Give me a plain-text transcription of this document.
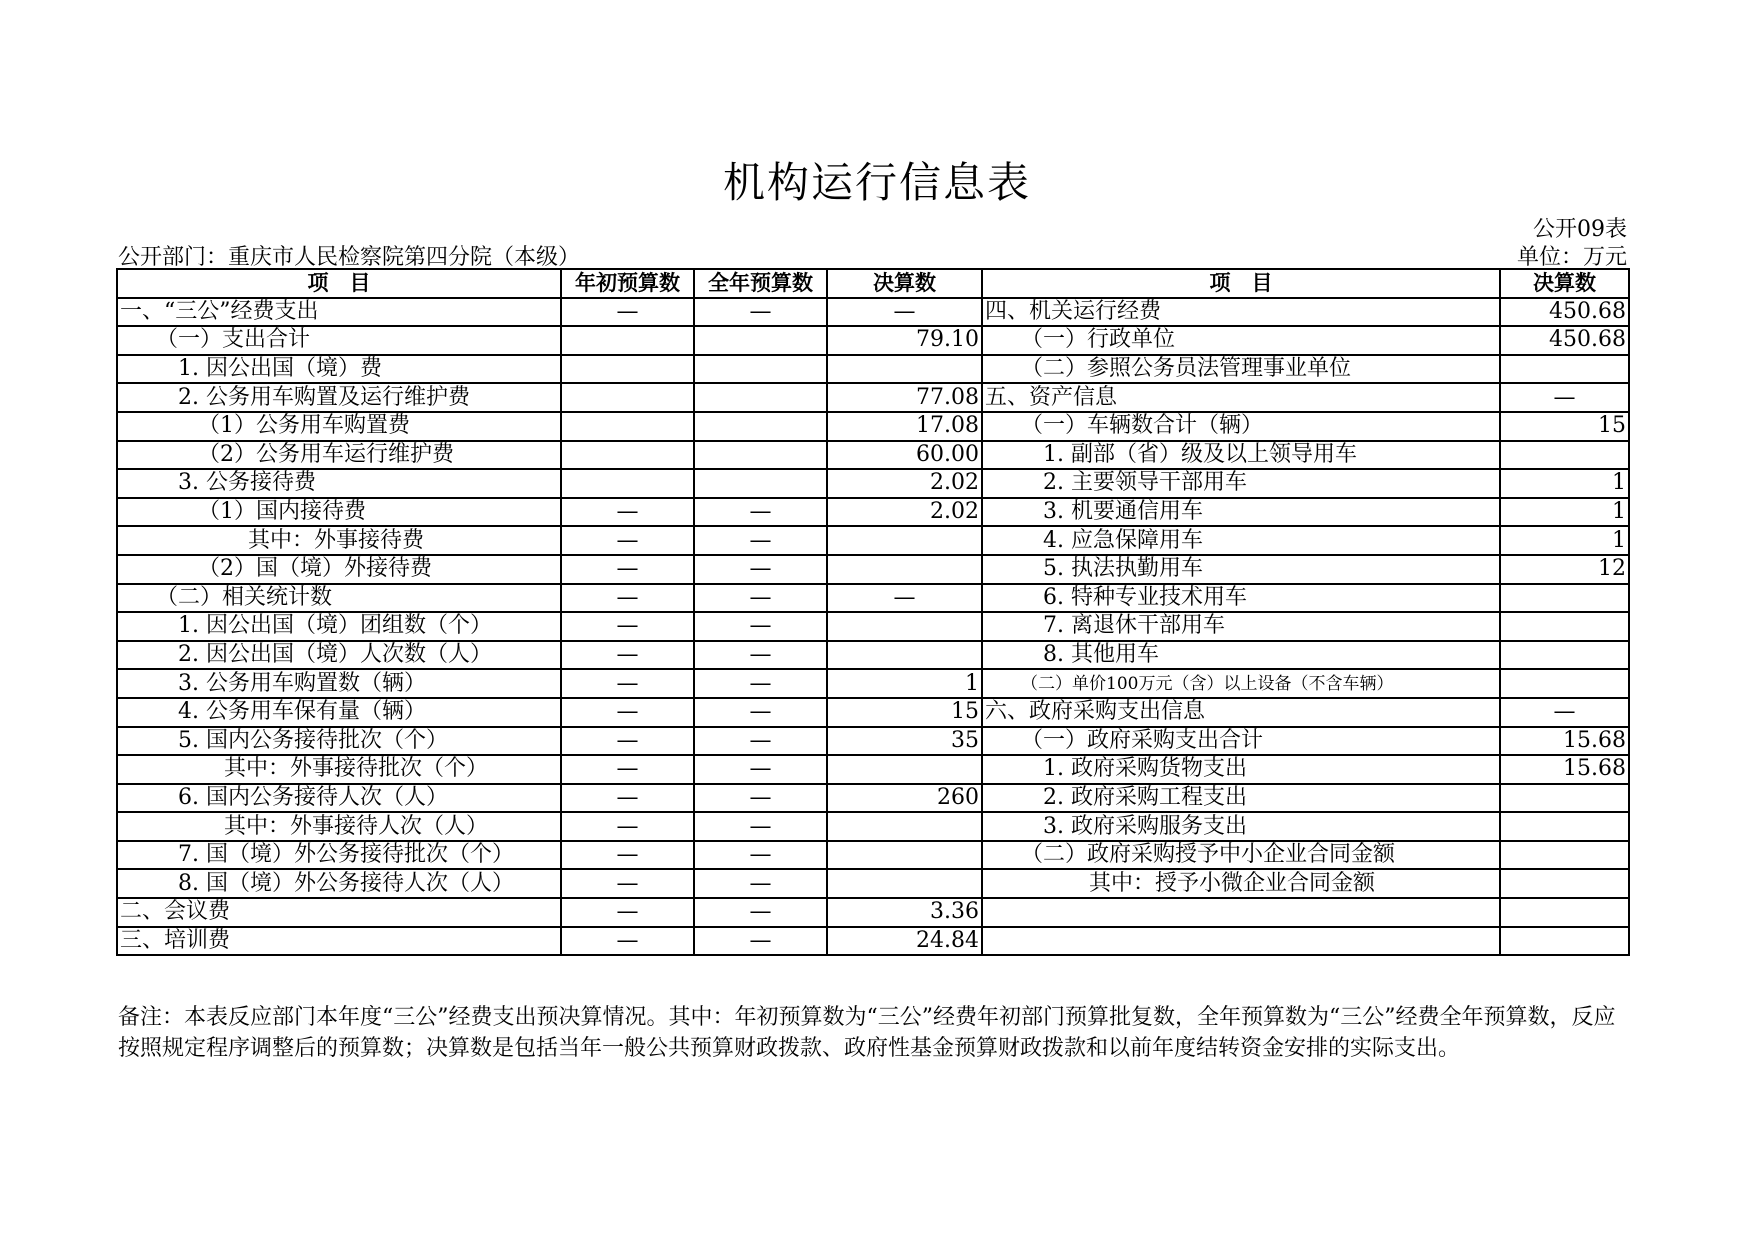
机构运行信息表
公开09表
公开部门：重庆市人民检察院第四分院（本级）	单位：万元
项　目	年初预算数	全年预算数	决算数	项　目	决算数
一、“三公”经费支出	—	—	—	四、机关运行经费	450.68
（一）支出合计			79.10	（一）行政单位	450.68
1. 因公出国（境）费				（二）参照公务员法管理事业单位	
2. 公务用车购置及运行维护费			77.08	五、资产信息	—
（1）公务用车购置费			17.08	（一）车辆数合计（辆）	15
（2）公务用车运行维护费			60.00	1. 副部（省）级及以上领导用车	
3. 公务接待费			2.02	2. 主要领导干部用车	1
（1）国内接待费	—	—	2.02	3. 机要通信用车	1
其中：外事接待费	—	—		4. 应急保障用车	1
（2）国（境）外接待费	—	—		5. 执法执勤用车	12
（二）相关统计数	—	—	—	6. 特种专业技术用车	
1. 因公出国（境）团组数（个）	—	—		7. 离退休干部用车	
2. 因公出国（境）人次数（人）	—	—		8. 其他用车	
3. 公务用车购置数（辆）	—	—	1	（二）单价100万元（含）以上设备（不含车辆）	
4. 公务用车保有量（辆）	—	—	15	六、政府采购支出信息	—
5. 国内公务接待批次（个）	—	—	35	（一）政府采购支出合计	15.68
其中：外事接待批次（个）	—	—		1. 政府采购货物支出	15.68
6. 国内公务接待人次（人）	—	—	260	2. 政府采购工程支出	
其中：外事接待人次（人）	—	—		3. 政府采购服务支出	
7. 国（境）外公务接待批次（个）	—	—		（二）政府采购授予中小企业合同金额	
8. 国（境）外公务接待人次（人）	—	—		其中：授予小微企业合同金额	
二、会议费	—	—	3.36		
三、培训费	—	—	24.84		
备注：本表反应部门本年度“三公”经费支出预决算情况。其中：年初预算数为“三公”经费年初部门预算批复数，全年预算数为“三公”经费全年预算数，反应按照规定程序调整后的预算数；决算数是包括当年一般公共预算财政拨款、政府性基金预算财政拨款和以前年度结转资金安排的实际支出。
